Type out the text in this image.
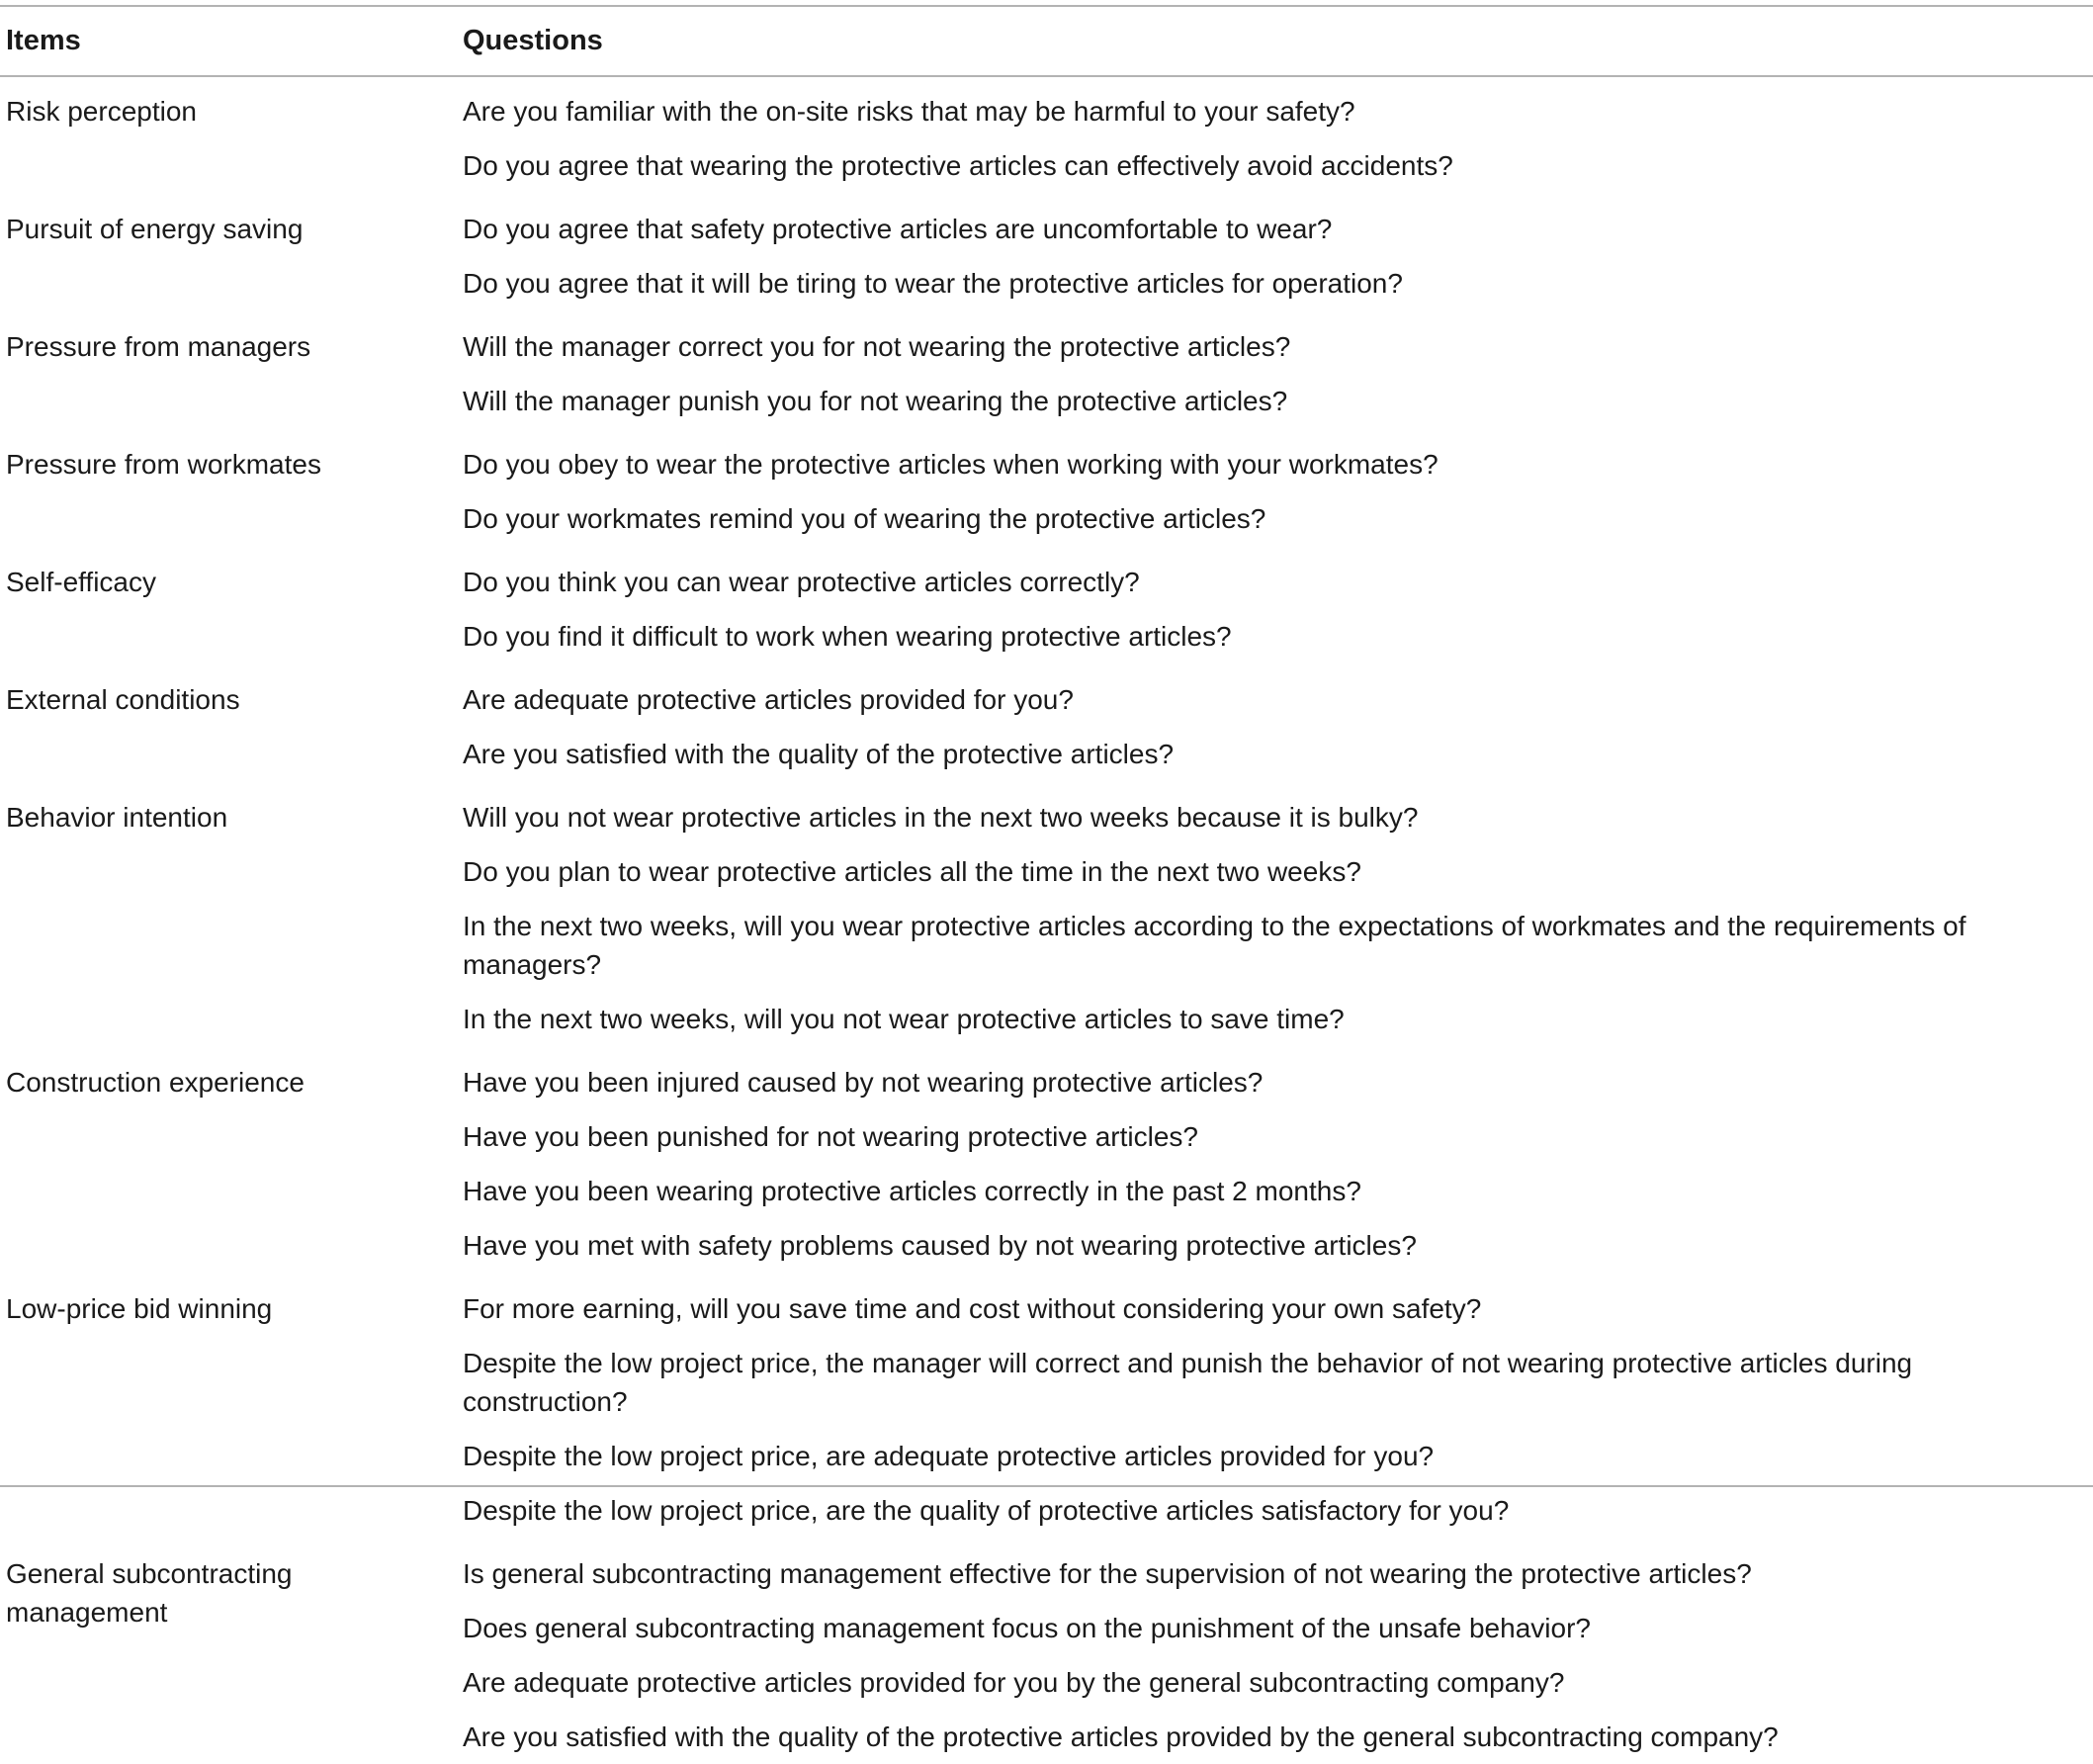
Items	Questions

Risk perception	Are you familiar with the on-site risks that may be harmful to your safety?
Do you agree that wearing the protective articles can effectively avoid accidents?

Pursuit of energy saving	Do you agree that safety protective articles are uncomfortable to wear?
Do you agree that it will be tiring to wear the protective articles for operation?

Pressure from managers	Will the manager correct you for not wearing the protective articles?
Will the manager punish you for not wearing the protective articles?

Pressure from workmates	Do you obey to wear the protective articles when working with your workmates?
Do your workmates remind you of wearing the protective articles?

Self-efficacy	Do you think you can wear protective articles correctly?
Do you find it difficult to work when wearing protective articles?

External conditions	Are adequate protective articles provided for you?
Are you satisfied with the quality of the protective articles?

Behavior intention	Will you not wear protective articles in the next two weeks because it is bulky?
Do you plan to wear protective articles all the time in the next two weeks?
In the next two weeks, will you wear protective articles according to the expectations of workmates and the requirements of managers?
In the next two weeks, will you not wear protective articles to save time?

Construction experience	Have you been injured caused by not wearing protective articles?
Have you been punished for not wearing protective articles?
Have you been wearing protective articles correctly in the past 2 months?
Have you met with safety problems caused by not wearing protective articles?

Low-price bid winning	For more earning, will you save time and cost without considering your own safety?
Despite the low project price, the manager will correct and punish the behavior of not wearing protective articles during construction?
Despite the low project price, are adequate protective articles provided for you?
Despite the low project price, are the quality of protective articles satisfactory for you?

General subcontracting management	Is general subcontracting management effective for the supervision of not wearing the protective articles?
Does general subcontracting management focus on the punishment of the unsafe behavior?
Are adequate protective articles provided for you by the general subcontracting company?
Are you satisfied with the quality of the protective articles provided by the general subcontracting company?
